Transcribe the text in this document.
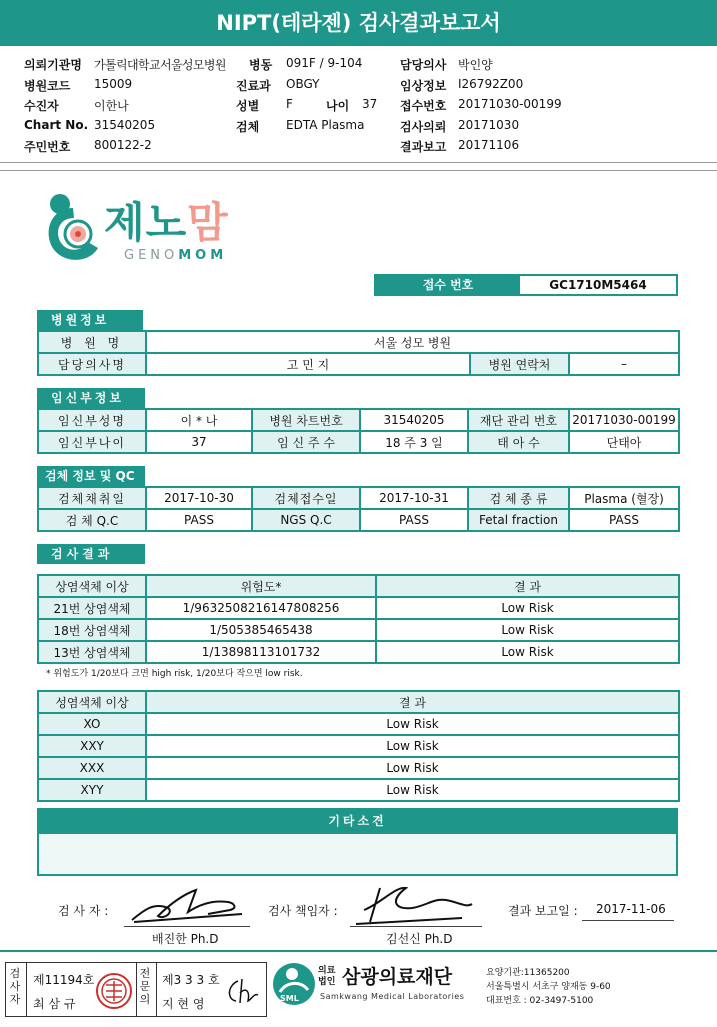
NIPT(테라젠) 검사결과보고서
의뢰기관명 가톨릭대학교서울성모병원 병동 091F / 9-104	담당의사 박인양
병원코드 15009	진료과 OBGY	임상정보 I26792Z00
수진자	이한나	성별 F	나이 37 접수번호 20171030-00199
Chart No. 31540205	검체 EDTA Plasma	검사의뢰 20171030
주민번호 800122-2	결과보고 20171106
제노맘
GENOMOM
접수 번호	GC1710M5464
병원정보
병 원 명	서울 성모 병원		
담당의사명	고 민 지	병원 연락처	–
임신부정보
임신부성명	이 * 나	병원 차트번호	31540205	재단 관리 번호	20171030-00199
임신부나이	37	임 신 주 수	18 주 3 일	태 아 수	단태아
검체 정보 및 QC
검체채취일	2017-10-30	검체접수일	2017-10-31	검 체 종 류	Plasma (혈장)
검 체 Q.C	PASS	NGS Q.C	PASS	Fetal fraction	PASS
검사결과
상염색체 이상	위험도*	결 과
21번 상염색체	1/9632508216147808256	Low Risk
18번 상염색체	1/505385465438	Low Risk
13번 상염색체	1/13898113101732	Low Risk
* 위험도가 1/20보다 크면 high risk, 1/20보다 작으면 low risk.
성염색체 이상	결 과
XO	Low Risk
XXY	Low Risk
XXX	Low Risk
XYY	Low Risk
기타소견
검 사 자 :
배진한 Ph.D
검사 책임자 :
김선신 Ph.D
결과 보고일 : 2017-11-06
검사자
제11194호
최 삼 규
전문의
제3 3 3 호
지 현 영	SML
의료
법인 삼광의료재단
Samkwang Medical Laboratories
요양기관:11365200
서울특별시 서초구 양재동 9-60
대표번호 : 02-3497-5100
